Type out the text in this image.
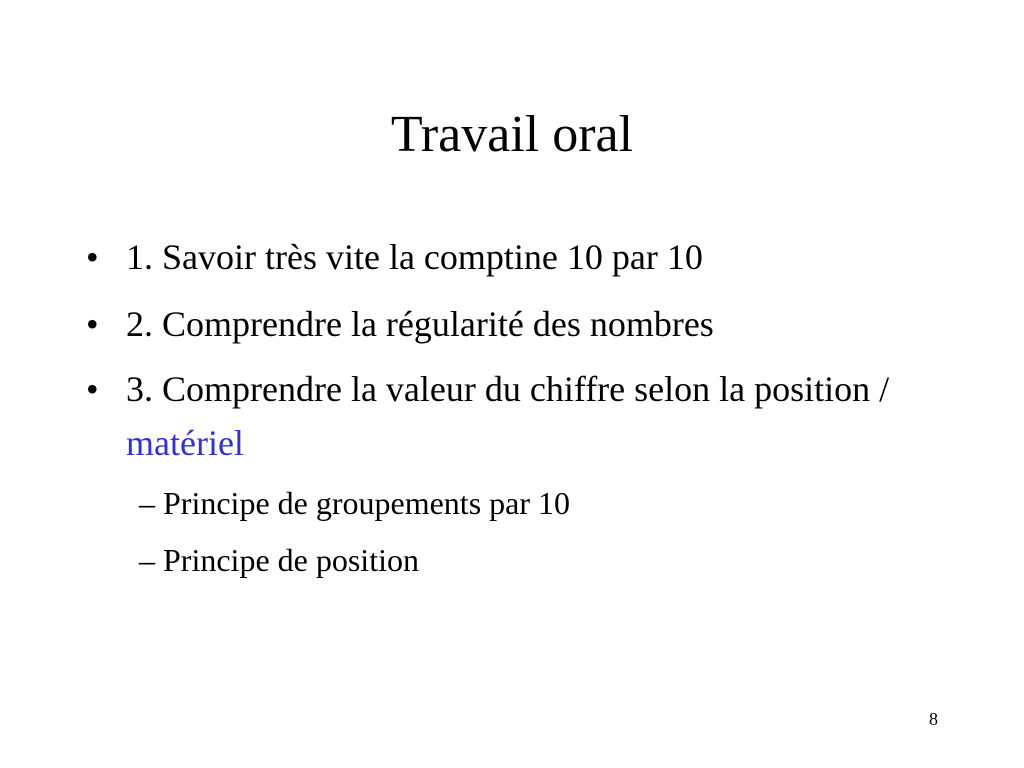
Travail oral
• 1. Savoir très vite la comptine 10 par 10
• 2. Comprendre la régularité des nombres
• 3. Comprendre la valeur du chiffre selon la position / matériel
– Principe de groupements par 10
– Principe de position
8
